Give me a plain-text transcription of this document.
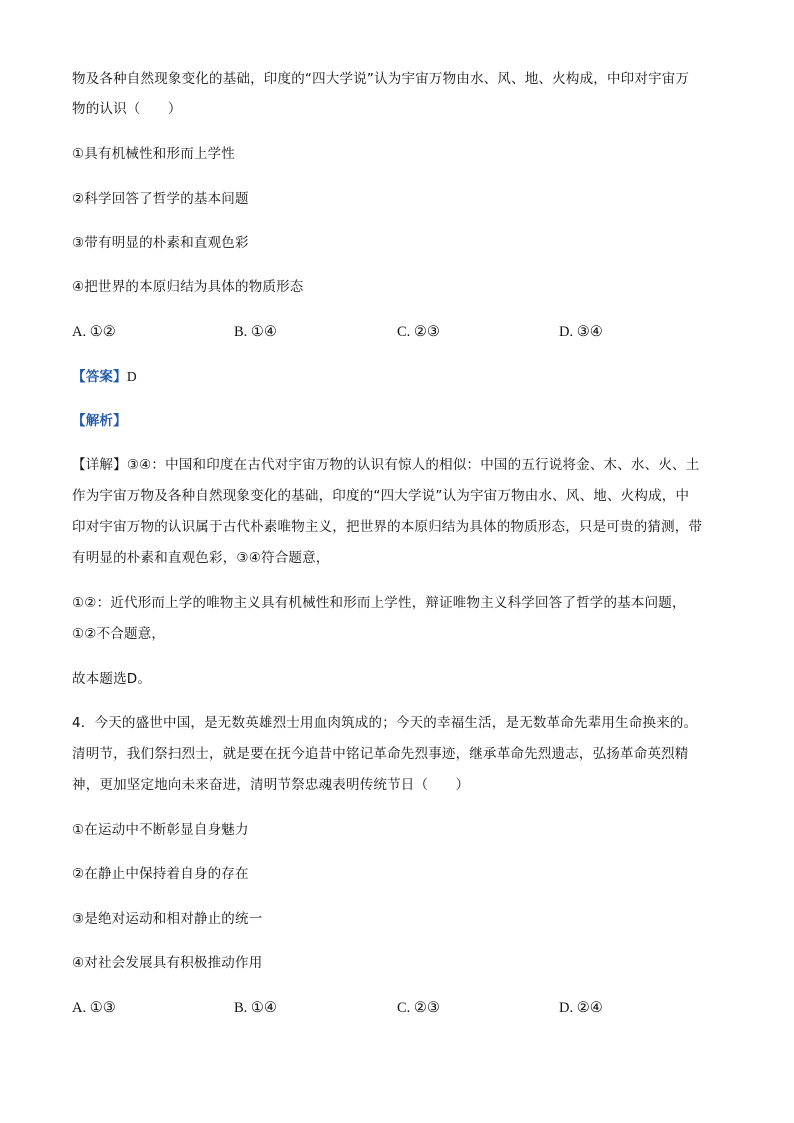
物及各种自然现象变化的基础，印度的“四大学说”认为宇宙万物由水、风、地、火构成，中印对宇宙万
物的认识（　　）
①具有机械性和形而上学性
②科学回答了哲学的基本问题
③带有明显的朴素和直观色彩
④把世界的本原归结为具体的物质形态
A. ①②	B. ①④	C. ②③	D. ③④
【答案】D
【解析】
【详解】③④：中国和印度在古代对宇宙万物的认识有惊人的相似：中国的五行说将金、木、水、火、土
作为宇宙万物及各种自然现象变化的基础，印度的“四大学说”认为宇宙万物由水、风、地、火构成，中
印对宇宙万物的认识属于古代朴素唯物主义，把世界的本原归结为具体的物质形态，只是可贵的猜测，带
有明显的朴素和直观色彩，③④符合题意，
①②：近代形而上学的唯物主义具有机械性和形而上学性，辩证唯物主义科学回答了哲学的基本问题，
①②不合题意，
故本题选D。
4．今天的盛世中国，是无数英雄烈士用血肉筑成的；今天的幸福生活，是无数革命先辈用生命换来的。
清明节，我们祭扫烈士，就是要在抚今追昔中铭记革命先烈事迹，继承革命先烈遗志，弘扬革命英烈精
神，更加坚定地向未来奋进，清明节祭忠魂表明传统节日（　　）
①在运动中不断彰显自身魅力
②在静止中保持着自身的存在
③是绝对运动和相对静止的统一
④对社会发展具有积极推动作用
A. ①③	B. ①④	C. ②③	D. ②④
